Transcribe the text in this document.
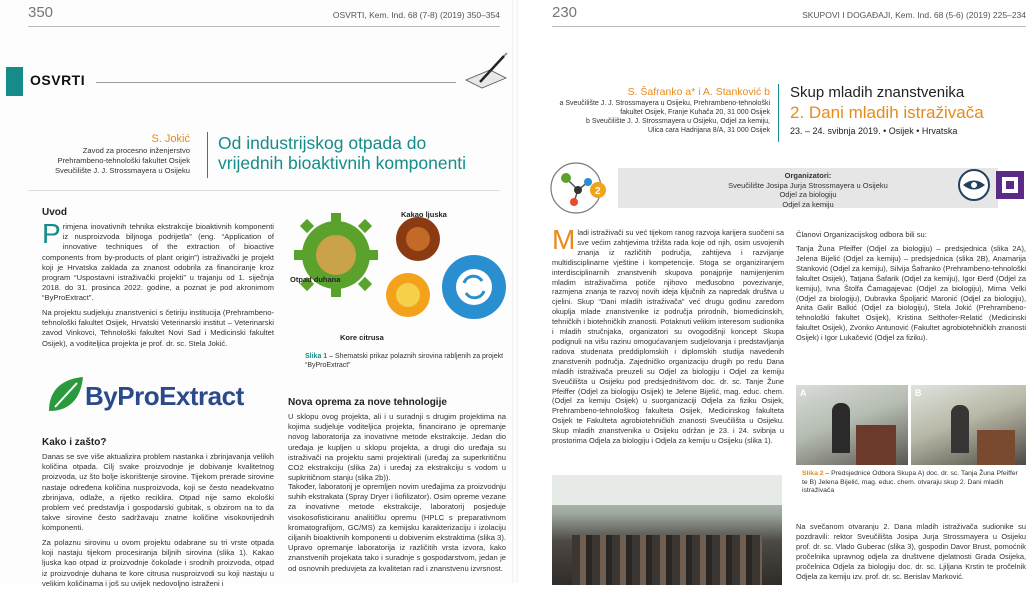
350	OSVRTI, Kem. Ind. 68 (7-8) (2019) 350–354
OSVRTI
S. Jokić
Zavod za procesno inženjerstvo
Prehrambeno-tehnološki fakultet Osijek
Sveučilište J. J. Strossmayera u Osijeku
Od industrijskog otpada do
vrijednih bioaktivnih komponenti
Uvod
Primjena inovativnih tehnika ekstrakcije bioaktivnih komponenti iz nusproizvoda biljnoga podrijetla” (eng. “Application of innovative techniques of the extraction of bioactive components from by-products of plant origin”) istraživački je projekt koji je Hrvatska zaklada za znanost odobrila za financiranje kroz program “Uspostavni istraživački projekti” u trajanju od 1. siječnja 2018. do 31. prosinca 2022. godine, a poznat je pod akronimom “ByProExtract”.
Na projektu sudjeluju znanstvenici s četiriju institucija (Prehrambeno-tehnološki fakultet Osijek, Hrvatski Veterinarski institut – Veterinarski zavod Vinkovci, Tehnološki fakultet Novi Sad i Medicinski fakultet Osijek), a voditeljica projekta je prof. dr. sc. Stela Jokić.
Kakao ljuska
Otpad duhana
Kore citrusa
Slika 1 – Shematski prikaz polaznih sirovina rabljenih za projekt “ByProExtract”
ByProExtract
Kako i zašto?
Danas se sve više aktualizira problem nastanka i zbrinjavanja velikih količina otpada. Cilj svake proizvodnje je dobivanje kvalitetnog proizvoda, uz što bolje iskorištenje sirovine. Tijekom prerade sirovine nastaje određena količina nusproizvoda, koji se često neadekvatno zbrinjava, odlaže, a rijetko reciklira. Otpad nije samo ekološki problem već predstavlja i gospodarski gubitak, s obzirom na to da takve sirovine često sadržavaju znatne količine visokovrijednih komponenti.
Za polaznu sirovinu u ovom projektu odabrane su tri vrste otpada koji nastaju tijekom procesiranja biljnih sirovina (slika 1). Kakao ljuska kao otpad iz proizvodnje čokolade i srodnih proizvoda, otpad iz proizvodnje duhana te kore citrusa nusproizvodi su koji nastaju u velikim količinama i još su uvijek nedovoljno istraženi i
Nova oprema za nove tehnologije
U sklopu ovog projekta, ali i u suradnji s drugim projektima na kojima sudjeluje voditeljica projekta, financirano je opremanje novog laboratorija za inovativne metode ekstrakcije. Jedan dio uređaja je kupljen u sklopu projekta, a drugi dio uređaja su istraživači na projektu sami projektirali (uređaj za superkritičnu CO2 ekstrakciju (slika 2a) i uređaj za ekstrakciju s vodom u supkritičnom stanju (slika 2b)).
Također, laboratorij je opremljen novim uređajima za proizvodnju suhih ekstrakata (Spray Dryer i liofilizator). Osim opreme vezane za inovativne metode ekstrakcije, laboratorij posjeduje visokosofisticiranu analitičku opremu (HPLC s preparativnom kromatografijom, GC/MS) za kemijsku karakterizaciju i izolaciju ciljanih bioaktivnih komponenti u dobivenim ekstraktima (slika 3). Upravo opremanje laboratorija iz različitih vrsta izvora, kako znanstvenih projekata tako i suradnje s gospodarstvom, jedan je od osnovnih preduvjeta za kvalitetan rad i znanstvenu izvrsnost.
230	SKUPOVI I DOGAĐAJI, Kem. Ind. 68 (5-6) (2019) 225–234
S. Šafranko a* i A. Stanković b
a Sveučilište J. J. Strossmayera u Osijeku, Prehrambeno-tehnološki
fakultet Osijek, Franje Kuhača 20, 31 000 Osijek
b Sveučilište J. J. Strossmayera u Osijeku, Odjel za kemiju,
Ulica cara Hadrijana 8/A, 31 000 Osijek
Skup mladih znanstvenika
2. Dani mladih istraživača
23. – 24. svibnja 2019. • Osijek • Hrvatska
Organizatori:
Sveučilište Josipa Jurja Strossmayera u Osijeku
Odjel za biologiju
Odjel za kemiju
2
Mladi istraživači su već tijekom ranog razvoja karijera suočeni sa sve većim zahtjevima tržišta rada koje od njih, osim usvojenih znanja iz različitih područja, zahtijeva i razvijanje multidisciplinarne vještine i kompetencije. Stoga se organiziranjem interdisciplinarnih znanstvenih skupova ponajprije namijenjenim mladim istraživačima potiče njihovo međusobno povezivanje, razmjena znanja te razvoj novih ideja ključnih za napredak društva u cjelini. Skup “Dani mladih istraživača” već drugu godinu zaredom okuplja mlade znanstvenike iz područja prirodnih, biomedicinskih, tehničkih i biotehničkih znanosti. Potaknuti velikim interesom sudionika i mladih stručnjaka, organizatori su ovogodišnji koncept Skupa podignuli na višu razinu omogućavanjem sudjelovanja i predstavljanja radova studenata preddiplomskih i diplomskih studija navedenih znanstvenih područja. Zajedničko organizaciju drugih po redu Dana mladih istraživača preuzeli su Odjel za biologiju i Odjel za kemiju Sveučilišta u Osijeku pod predsjedništvom doc. dr. sc. Tanje Žune Pfeiffer (Odjel za biologiju Osijek) te Jelene Bijelić, mag. educ. chem. (Odjel za kemiju Osijek) u suorganizaciji Odjela za fiziku Osijek, Prehrambeno-tehnološkog fakulteta Osijek, Medicinskog fakulteta Osijek te Fakulteta agrobiotehničkih znanosti Sveučilišta u Osijeku. Skup mladih znanstvenika u Osijeku održan je 23. i 24. svibnja u prostorima Odjela za biologiju i Odjela za kemiju u Osijeku (slika 1).
Članovi Organizacijskog odbora bili su:
Tanja Žuna Pfeiffer (Odjel za biologiju) – predsjednica (slika 2A), Jelena Bijelić (Odjel za kemiju) – predsjednica (slika 2B), Anamarija Stanković (Odjel za kemiju), Silvija Šafranko (Prehrambeno-tehnološki fakultet Osijek), Tatjana Šafarik (Odjel za kemiju), Igor Đerđ (Odjel za kemiju), Ivna Štolfa Čamagajevac (Odjel za biologiju), Mirna Velki (Odjel za biologiju), Dubravka Špoljarić Maronić (Odjel za biologiju), Anita Galir Balkić (Odjel za biologiju), Stela Jokić (Prehrambeno-tehnološki fakultet Osijek), Kristina Selthofer-Relatić (Medicinski fakultet Osijek), Zvonko Antunović (Fakultet agrobiotehničkih znanosti Osijek) i Igor Lukačević (Odjel za fiziku).
A	B
Slika 2 – Predsjednice Odbora Skupa A) doc. dr. sc. Tanja Žuna Pfeiffer te B) Jelena Bijelić, mag. educ. chem. otvaraju skup 2. Dani mladih istraživača
Na svečanom otvaranju 2. Dana mladih istraživača sudionike su pozdravili: rektor Sveučilišta Josipa Jurja Strossmayera u Osijeku prof. dr. sc. Vlado Guberac (slika 3), gospodin Davor Brust, pomoćnik pročelnika upravnog odjela za društvene djelatnosti Grada Osijeka, pročelnica Odjela za biologiju doc. dr. sc. Ljiljana Krstin te pročelnik Odjela za kemiju izv. prof. dr. sc. Berislav Marković.
